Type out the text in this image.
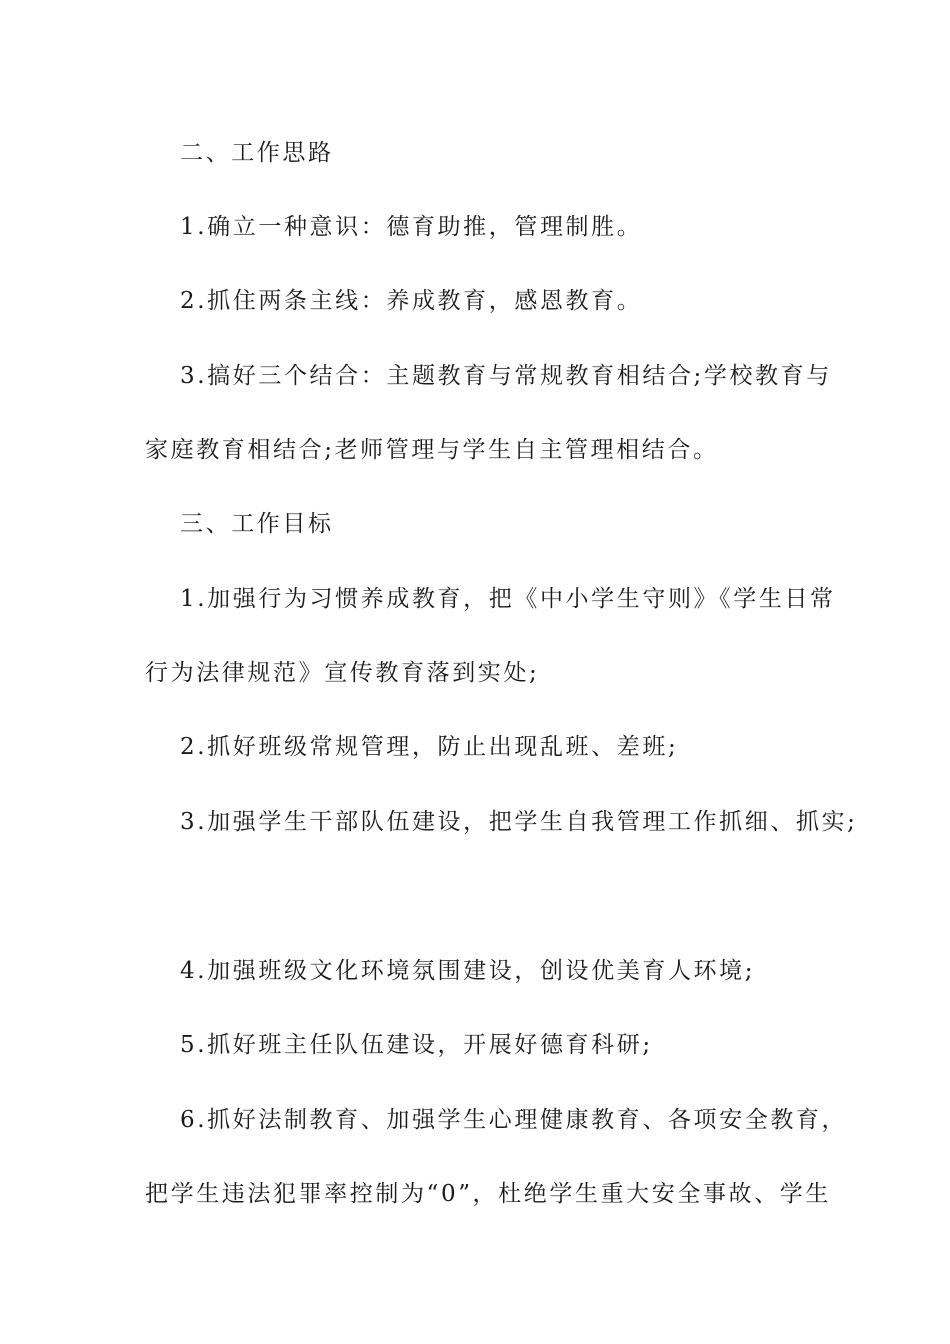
二、工作思路

1.确立一种意识：德育助推，管理制胜。

2.抓住两条主线：养成教育，感恩教育。

3.搞好三个结合：主题教育与常规教育相结合;学校教育与

家庭教育相结合;老师管理与学生自主管理相结合。

三、工作目标

1.加强行为习惯养成教育，把《中小学生守则》《学生日常

行为法律规范》宣传教育落到实处;

2.抓好班级常规管理，防止出现乱班、差班;

3.加强学生干部队伍建设，把学生自我管理工作抓细、抓实;

4.加强班级文化环境氛围建设，创设优美育人环境;

5.抓好班主任队伍建设，开展好德育科研;

6.抓好法制教育、加强学生心理健康教育、各项安全教育，

把学生违法犯罪率控制为“0”，杜绝学生重大安全事故、学生
